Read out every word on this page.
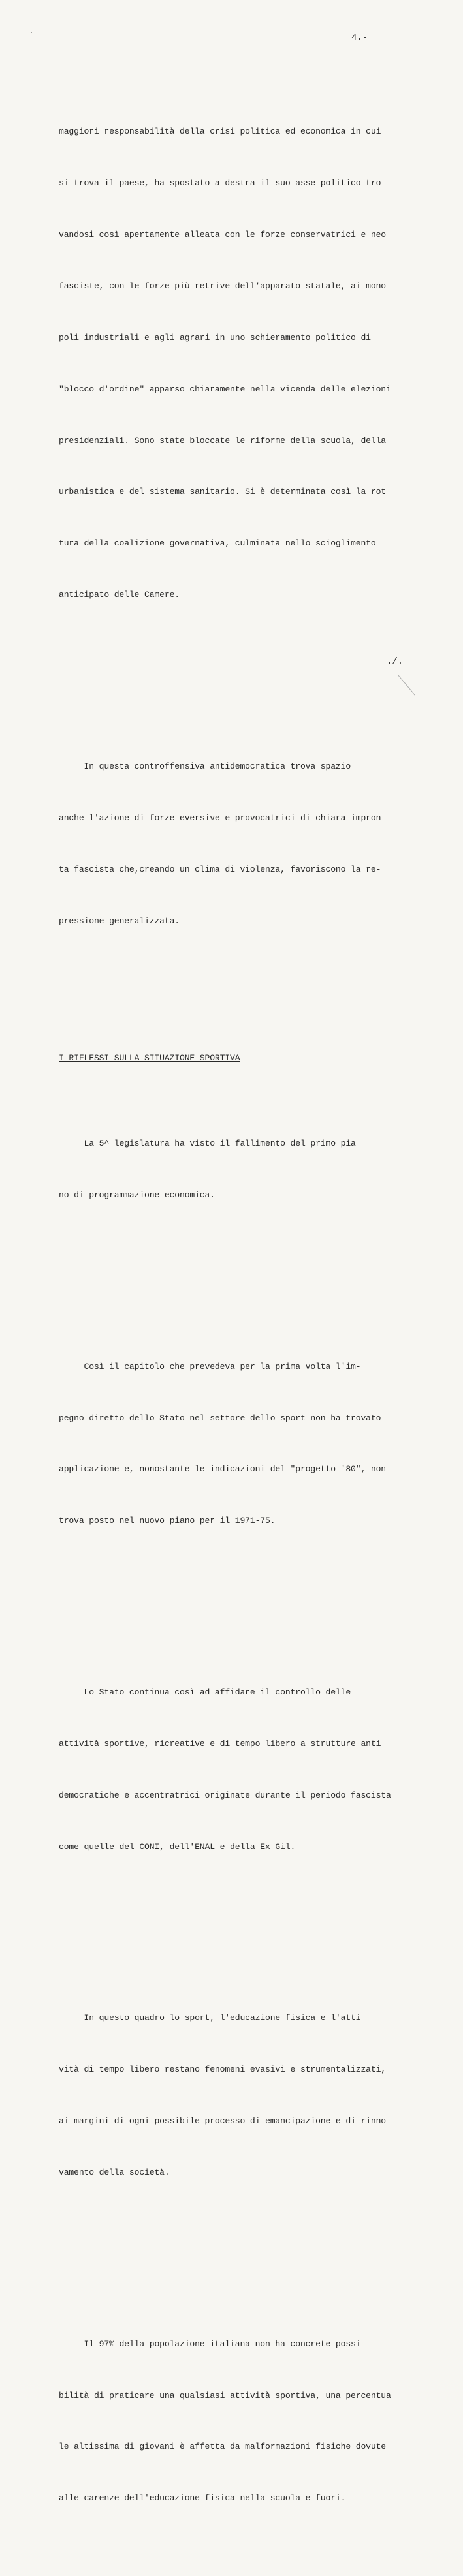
.
4.-

maggiori responsabilità della crisi politica ed economica in cui

si trova il paese, ha spostato a destra il suo asse politico tro

vandosi così apertamente alleata con le forze conservatrici e neo

fasciste, con le forze più retrive dell'apparato statale, ai mono

poli industriali e agli agrari in uno schieramento politico di

"blocco d'ordine" apparso chiaramente nella vicenda delle elezioni

presidenziali. Sono state bloccate le riforme della scuola, della

urbanistica e del sistema sanitario. Si è determinata così la rot

tura della coalizione governativa, culminata nello scioglimento

anticipato delle Camere.

In questa controffensiva antidemocratica trova spazio

anche l'azione di forze eversive e provocatrici di chiara impron-

ta fascista che,creando un clima di violenza, favoriscono la re-

pressione generalizzata.

I RIFLESSI SULLA SITUAZIONE SPORTIVA

La 5^ legislatura ha visto il fallimento del primo pia

no di programmazione economica.

Così il capitolo che prevedeva per la prima volta l'im-

pegno diretto dello Stato nel settore dello sport non ha trovato

applicazione e, nonostante le indicazioni del "progetto '80", non

trova posto nel nuovo piano per il 1971-75.

Lo Stato continua così ad affidare il controllo delle

attività sportive, ricreative e di tempo libero a strutture anti

democratiche e accentratrici originate durante il periodo fascista

come quelle del CONI, dell'ENAL e della Ex-Gil.

In questo quadro lo sport, l'educazione fisica e l'atti

vità di tempo libero restano fenomeni evasivi e strumentalizzati,

ai margini di ogni possibile processo di emancipazione e di rinno

vamento della società.

Il 97% della popolazione italiana non ha concrete possi

bilità di praticare una qualsiasi attività sportiva, una percentua

le altissima di giovani è affetta da malformazioni fisiche dovute

alle carenze dell'educazione fisica nella scuola e fuori.

./.
